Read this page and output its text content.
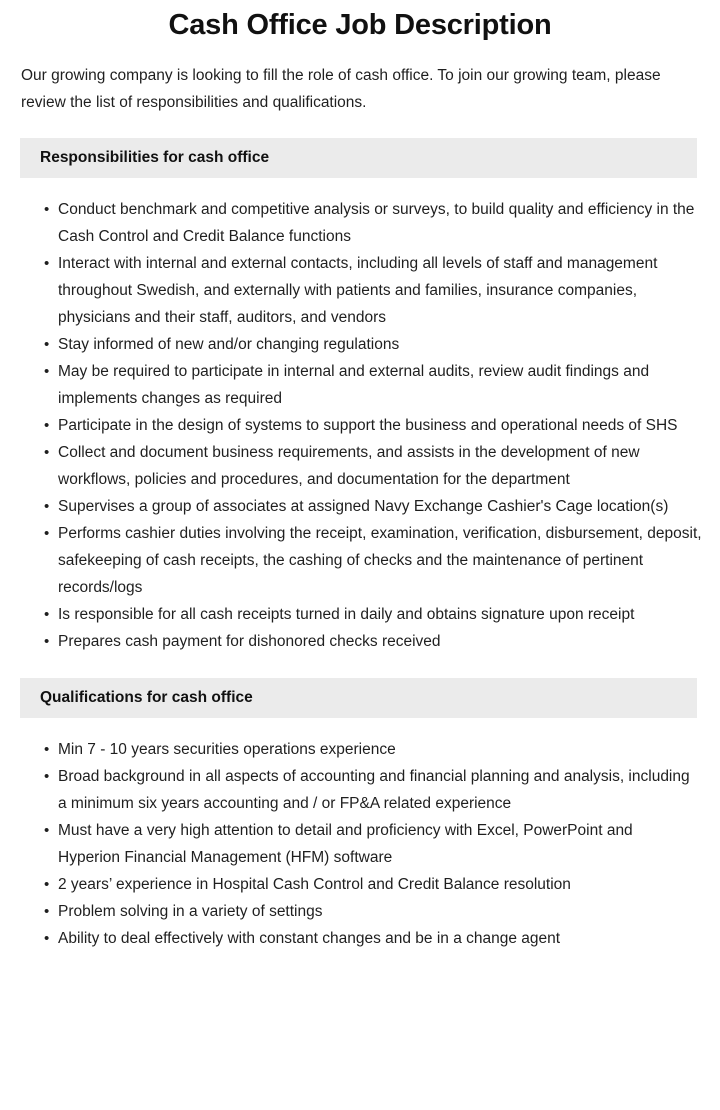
Cash Office Job Description

Our growing company is looking to fill the role of cash office. To join our growing team, please review the list of responsibilities and qualifications.

Responsibilities for cash office
• Conduct benchmark and competitive analysis or surveys, to build quality and efficiency in the Cash Control and Credit Balance functions
• Interact with internal and external contacts, including all levels of staff and management throughout Swedish, and externally with patients and families, insurance companies, physicians and their staff, auditors, and vendors
• Stay informed of new and/or changing regulations
• May be required to participate in internal and external audits, review audit findings and implements changes as required
• Participate in the design of systems to support the business and operational needs of SHS
• Collect and document business requirements, and assists in the development of new workflows, policies and procedures, and documentation for the department
• Supervises a group of associates at assigned Navy Exchange Cashier's Cage location(s)
• Performs cashier duties involving the receipt, examination, verification, disbursement, deposit, safekeeping of cash receipts, the cashing of checks and the maintenance of pertinent records/logs
• Is responsible for all cash receipts turned in daily and obtains signature upon receipt
• Prepares cash payment for dishonored checks received
Qualifications for cash office
• Min 7 - 10 years securities operations experience
• Broad background in all aspects of accounting and financial planning and analysis, including a minimum six years accounting and / or FP&A related experience
• Must have a very high attention to detail and proficiency with Excel, PowerPoint and Hyperion Financial Management (HFM) software
• 2 years’ experience in Hospital Cash Control and Credit Balance resolution
• Problem solving in a variety of settings
• Ability to deal effectively with constant changes and be in a change agent
